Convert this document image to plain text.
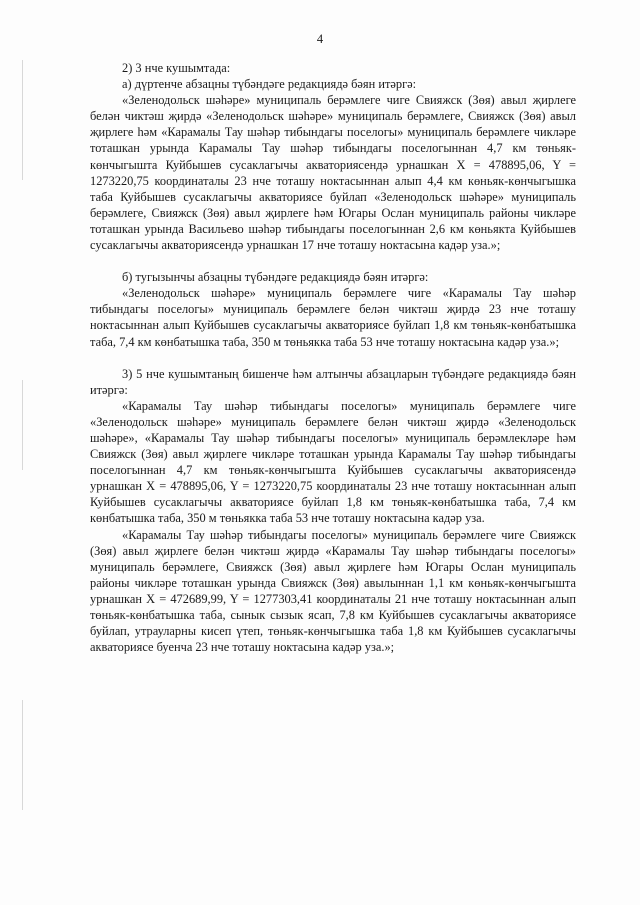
4

2) 3 нче кушымтада:

а) дүртенче абзацны түбәндәге редакциядә бәян итәргә:

«Зеленодольск шәһәре» муниципаль берәмлеге чиге Свияжск (Зөя) авыл җирлеге белән чиктәш җирдә «Зеленодольск шәһәре» муниципаль берәмлеге, Свияжск (Зөя) авыл җирлеге һәм «Карамалы Тау шәһәр тибындагы поселогы» муниципаль берәмлеге чикләре тоташкан урында Карамалы Тау шәһәр тибындагы поселогыннан 4,7 км төньяк-көнчыгышта Куйбышев сусаклагычы акваториясендә урнашкан X = 478895,06, Y = 1273220,75 координаталы 23 нче тоташу ноктасыннан алып 4,4 км көньяк-көнчыгышка таба Куйбышев сусаклагычы акваториясе буйлап «Зеленодольск шәһәре» муниципаль берәмлеге, Свияжск (Зөя) авыл җирлеге һәм Югары Ослан муниципаль районы чикләре тоташкан урында Васильево шәһәр тибындагы поселогыннан 2,6 км көньякта Куйбышев сусаклагычы акваториясендә урнашкан 17 нче тоташу ноктасына кадәр уза.»;

б) тугызынчы абзацны түбәндәге редакциядә бәян итәргә:

«Зеленодольск шәһәре» муниципаль берәмлеге чиге «Карамалы Тау шәһәр тибындагы поселогы» муниципаль берәмлеге белән чиктәш җирдә 23 нче тоташу ноктасыннан алып Куйбышев сусаклагычы акваториясе буйлап 1,8 км төньяк-көнбатышка таба, 7,4 км көнбатышка таба, 350 м төньякка таба 53 нче тоташу ноктасына кадәр уза.»;

3) 5 нче кушымтаның бишенче һәм алтынчы абзацларын түбәндәге редакциядә бәян итәргә:

«Карамалы Тау шәһәр тибындагы поселогы» муниципаль берәмлеге чиге «Зеленодольск шәһәре» муниципаль берәмлеге белән чиктәш җирдә «Зеленодольск шәһәре», «Карамалы Тау шәһәр тибындагы поселогы» муниципаль берәмлекләре һәм Свияжск (Зөя) авыл җирлеге чикләре тоташкан урында Карамалы Тау шәһәр тибындагы поселогыннан 4,7 км төньяк-көнчыгышта Куйбышев сусаклагычы акваториясендә урнашкан X = 478895,06, Y = 1273220,75 координаталы 23 нче тоташу ноктасыннан алып Куйбышев сусаклагычы акваториясе буйлап 1,8 км төньяк-көнбатышка таба, 7,4 км көнбатышка таба, 350 м төньякка таба 53 нче тоташу ноктасына кадәр уза.

«Карамалы Тау шәһәр тибындагы поселогы» муниципаль берәмлеге чиге Свияжск (Зөя) авыл җирлеге белән чиктәш җирдә «Карамалы Тау шәһәр тибындагы поселогы» муниципаль берәмлеге, Свияжск (Зөя) авыл җирлеге һәм Югары Ослан муниципаль районы чикләре тоташкан урында Свияжск (Зөя) авылыннан 1,1 км көньяк-көнчыгышта урнашкан X = 472689,99, Y = 1277303,41 координаталы 21 нче тоташу ноктасыннан алып төньяк-көнбатышка таба, сынык сызык ясап, 7,8 км Куйбышев сусаклагычы акваториясе буйлап, утрауларны кисеп үтеп, төньяк-көнчыгышка таба 1,8 км Куйбышев сусаклагычы акваториясе буенча 23 нче тоташу ноктасына кадәр уза.»;
